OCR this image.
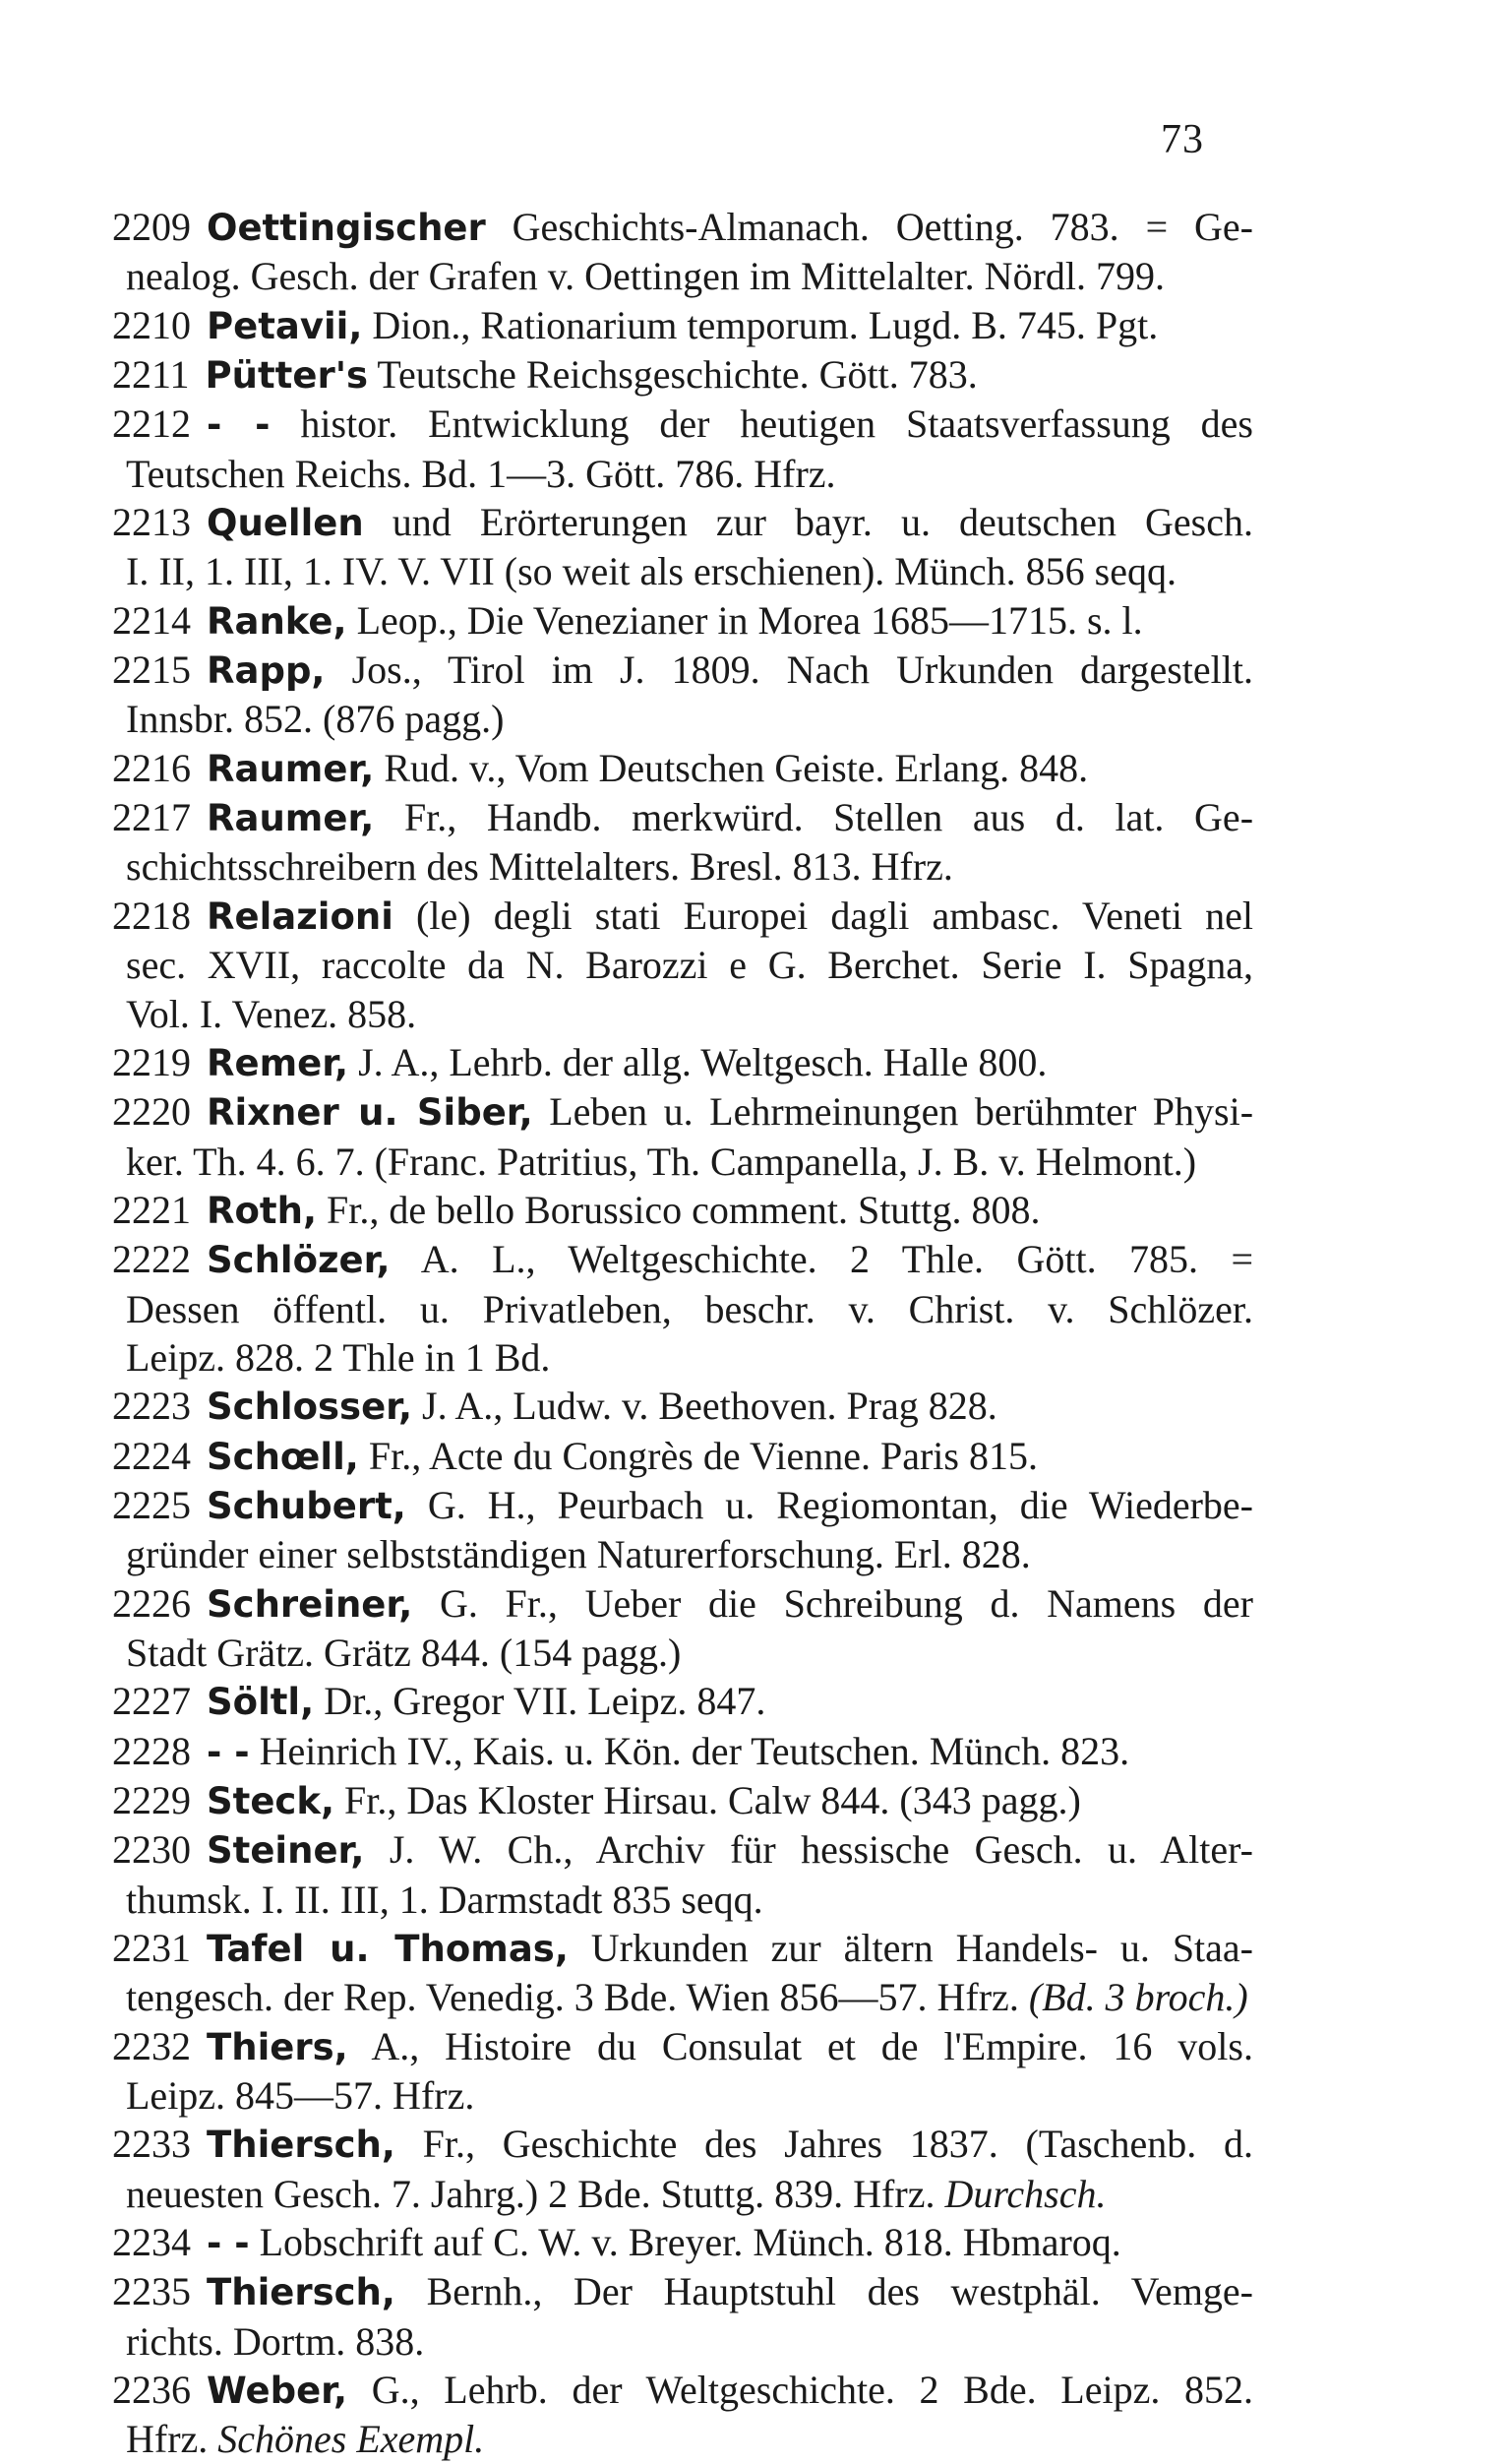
73
2209 Oettingischer Geschichts-Almanach. Oetting. 783. = Ge-
nealog. Gesch. der Grafen v. Oettingen im Mittelalter. Nördl. 799.
2210 Petavii, Dion., Rationarium temporum. Lugd. B. 745. Pgt.
2211 Pütter's Teutsche Reichsgeschichte. Gött. 783.
2212 - - histor. Entwicklung der heutigen Staatsverfassung des
Teutschen Reichs. Bd. 1—3. Gött. 786. Hfrz.
2213 Quellen und Erörterungen zur bayr. u. deutschen Gesch.
I. II, 1. III, 1. IV. V. VII (so weit als erschienen). Münch. 856 seqq.
2214 Ranke, Leop., Die Venezianer in Morea 1685—1715. s. l.
2215 Rapp, Jos., Tirol im J. 1809. Nach Urkunden dargestellt.
Innsbr. 852. (876 pagg.)
2216 Raumer, Rud. v., Vom Deutschen Geiste. Erlang. 848.
2217 Raumer, Fr., Handb. merkwürd. Stellen aus d. lat. Ge-
schichtsschreibern des Mittelalters. Bresl. 813. Hfrz.
2218 Relazioni (le) degli stati Europei dagli ambasc. Veneti nel
sec. XVII, raccolte da N. Barozzi e G. Berchet. Serie I. Spagna,
Vol. I. Venez. 858.
2219 Remer, J. A., Lehrb. der allg. Weltgesch. Halle 800.
2220 Rixner u. Siber, Leben u. Lehrmeinungen berühmter Physi-
ker. Th. 4. 6. 7. (Franc. Patritius, Th. Campanella, J. B. v. Helmont.)
2221 Roth, Fr., de bello Borussico comment. Stuttg. 808.
2222 Schlözer, A. L., Weltgeschichte. 2 Thle. Gött. 785. =
Dessen öffentl. u. Privatleben, beschr. v. Christ. v. Schlözer.
Leipz. 828. 2 Thle in 1 Bd.
2223 Schlosser, J. A., Ludw. v. Beethoven. Prag 828.
2224 Schœll, Fr., Acte du Congrès de Vienne. Paris 815.
2225 Schubert, G. H., Peurbach u. Regiomontan, die Wiederbe-
gründer einer selbstständigen Naturerforschung. Erl. 828.
2226 Schreiner, G. Fr., Ueber die Schreibung d. Namens der
Stadt Grätz. Grätz 844. (154 pagg.)
2227 Söltl, Dr., Gregor VII. Leipz. 847.
2228 - - Heinrich IV., Kais. u. Kön. der Teutschen. Münch. 823.
2229 Steck, Fr., Das Kloster Hirsau. Calw 844. (343 pagg.)
2230 Steiner, J. W. Ch., Archiv für hessische Gesch. u. Alter-
thumsk. I. II. III, 1. Darmstadt 835 seqq.
2231 Tafel u. Thomas, Urkunden zur ältern Handels- u. Staa-
tengesch. der Rep. Venedig. 3 Bde. Wien 856—57. Hfrz. (Bd. 3 broch.)
2232 Thiers, A., Histoire du Consulat et de l'Empire. 16 vols.
Leipz. 845—57. Hfrz.
2233 Thiersch, Fr., Geschichte des Jahres 1837. (Taschenb. d.
neuesten Gesch. 7. Jahrg.) 2 Bde. Stuttg. 839. Hfrz. Durchsch.
2234 - - Lobschrift auf C. W. v. Breyer. Münch. 818. Hbmaroq.
2235 Thiersch, Bernh., Der Hauptstuhl des westphäl. Vemge-
richts. Dortm. 838.
2236 Weber, G., Lehrb. der Weltgeschichte. 2 Bde. Leipz. 852.
Hfrz. Schönes Exempl.
